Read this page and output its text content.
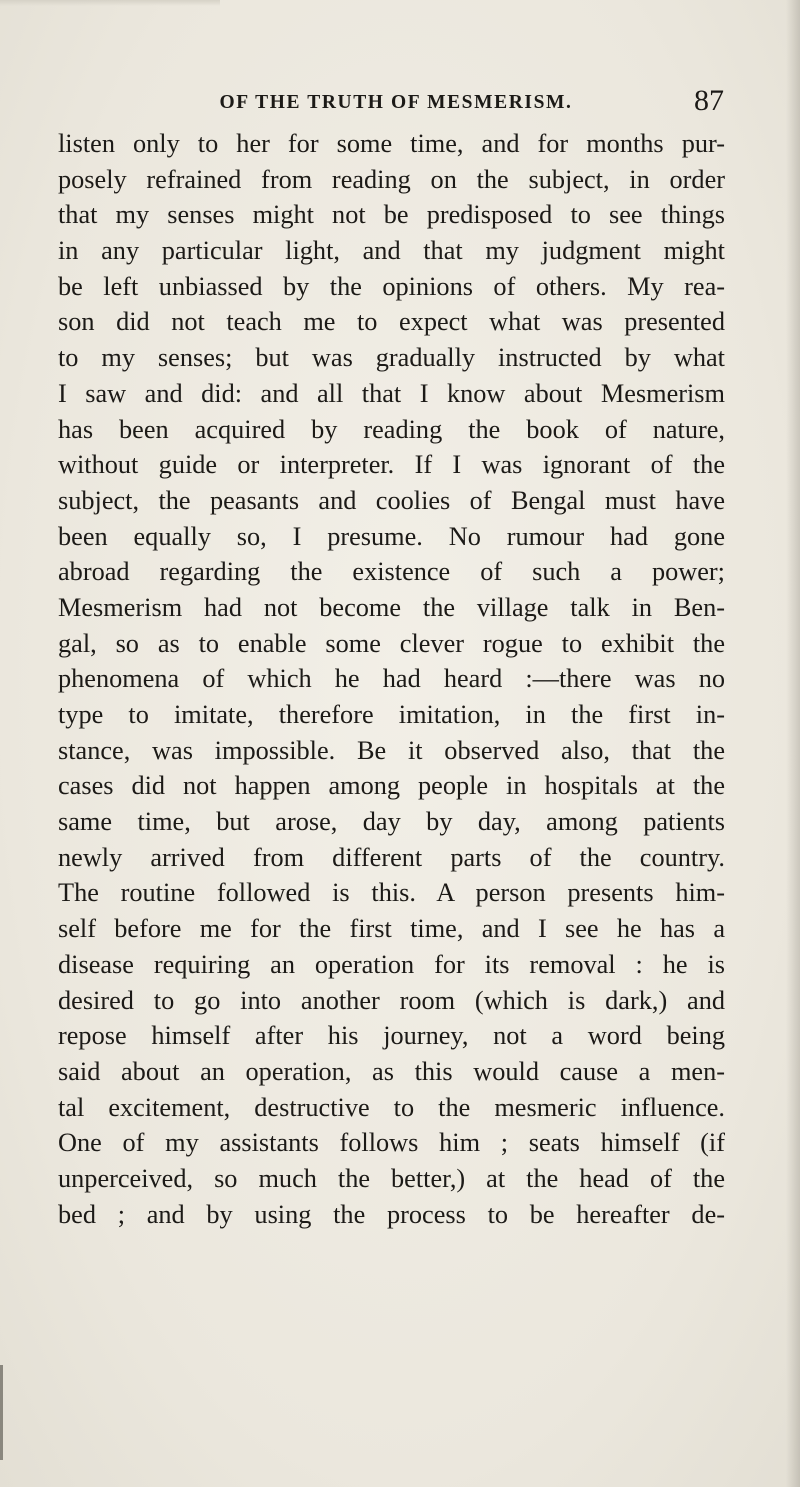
OF THE TRUTH OF MESMERISM.	87
listen only to her for some time, and for months pur-
posely refrained from reading on the subject, in order
that my senses might not be predisposed to see things
in any particular light, and that my judgment might
be left unbiassed by the opinions of others. My rea-
son did not teach me to expect what was presented
to my senses; but was gradually instructed by what
I saw and did: and all that I know about Mesmerism
has been acquired by reading the book of nature,
without guide or interpreter. If I was ignorant of the
subject, the peasants and coolies of Bengal must have
been equally so, I presume. No rumour had gone
abroad regarding the existence of such a power;
Mesmerism had not become the village talk in Ben-
gal, so as to enable some clever rogue to exhibit the
phenomena of which he had heard :—there was no
type to imitate, therefore imitation, in the first in-
stance, was impossible. Be it observed also, that the
cases did not happen among people in hospitals at the
same time, but arose, day by day, among patients
newly arrived from different parts of the country.
The routine followed is this. A person presents him-
self before me for the first time, and I see he has a
disease requiring an operation for its removal : he is
desired to go into another room (which is dark,) and
repose himself after his journey, not a word being
said about an operation, as this would cause a men-
tal excitement, destructive to the mesmeric influence.
One of my assistants follows him ; seats himself (if
unperceived, so much the better,) at the head of the
bed ; and by using the process to be hereafter de-
